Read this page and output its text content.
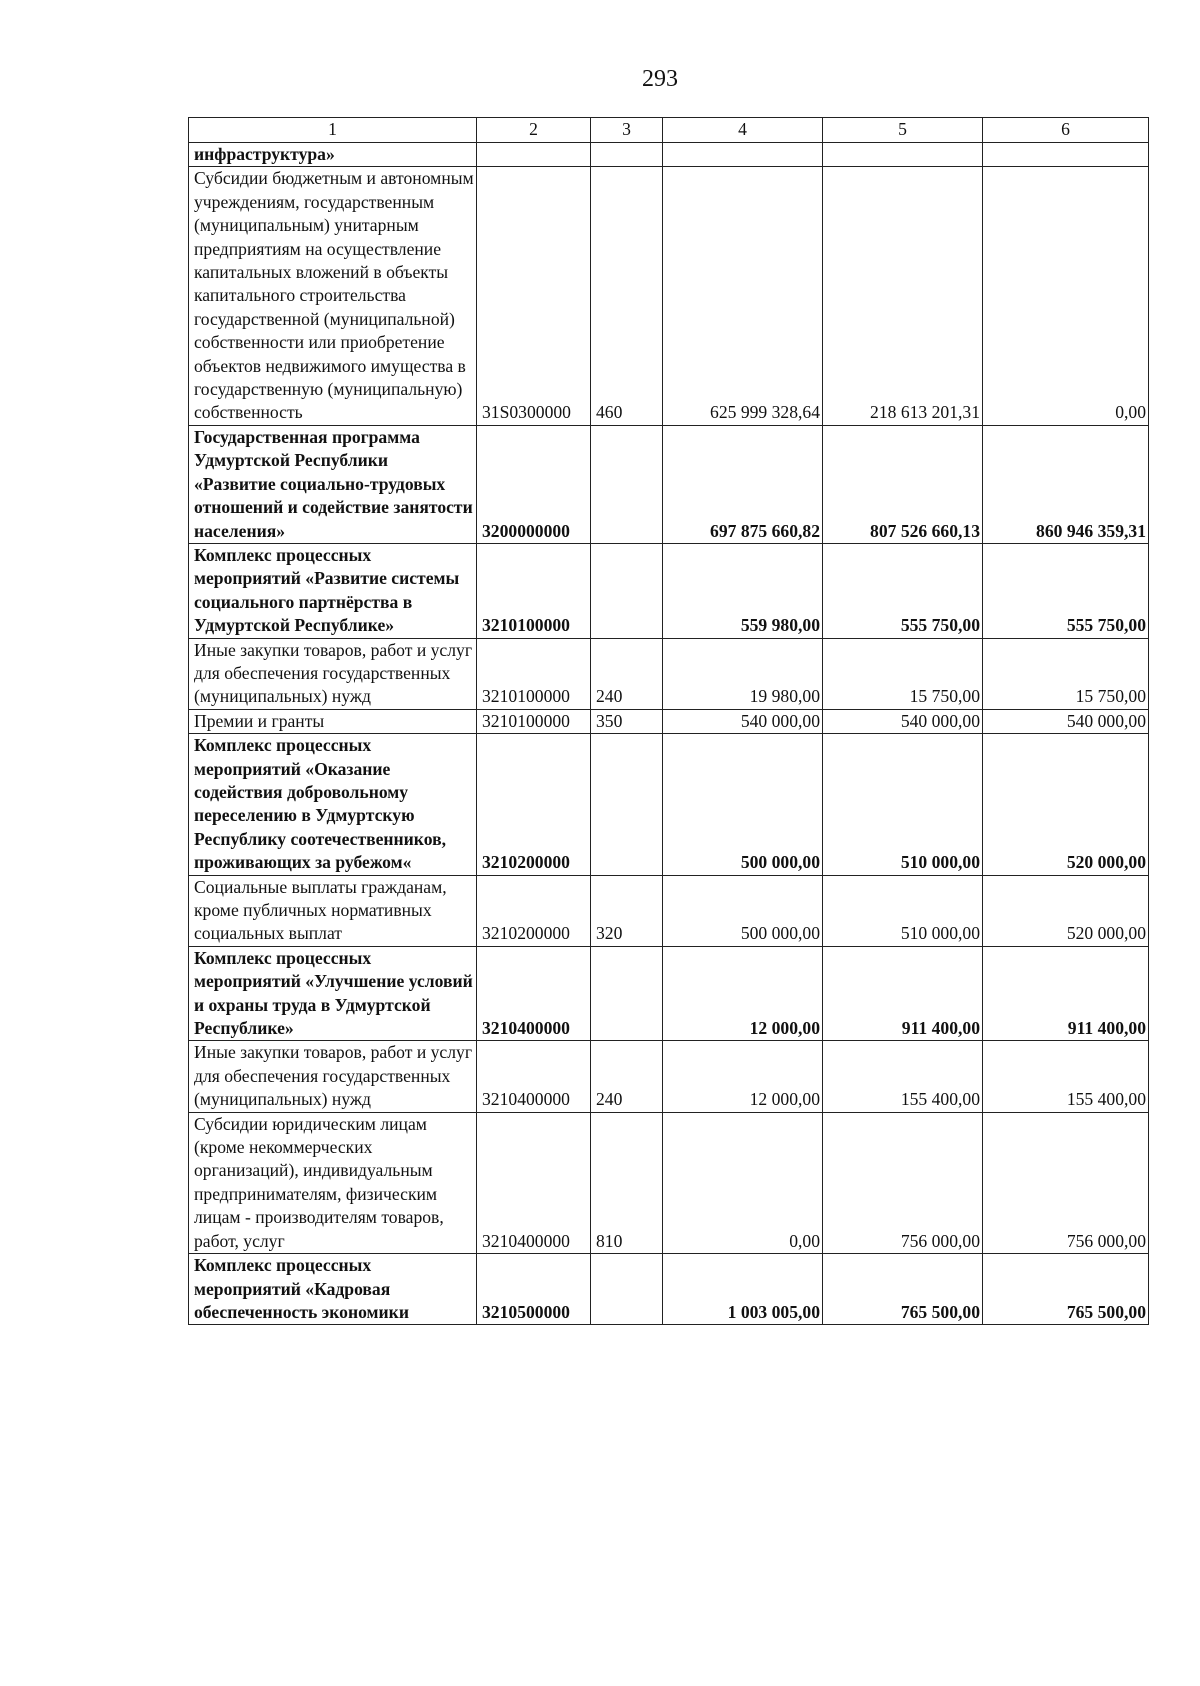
293
1	2	3	4	5	6
инфраструктура»					
Субсидии бюджетным и автономным учреждениям, государственным (муниципальным) унитарным предприятиям на осуществление капитальных вложений в объекты капитального строительства государственной (муниципальной) собственности или приобретение объектов недвижимого имущества в государственную (муниципальную) собственность	31S0300000	460	625 999 328,64	218 613 201,31	0,00
Государственная программа Удмуртской Республики «Развитие социально-трудовых отношений и содействие занятости населения»	3200000000		697 875 660,82	807 526 660,13	860 946 359,31
Комплекс процессных мероприятий «Развитие системы социального партнёрства в Удмуртской Республике»	3210100000		559 980,00	555 750,00	555 750,00
Иные закупки товаров, работ и услуг для обеспечения государственных (муниципальных) нужд	3210100000	240	19 980,00	15 750,00	15 750,00
Премии и гранты	3210100000	350	540 000,00	540 000,00	540 000,00
Комплекс процессных мероприятий «Оказание содействия добровольному переселению в Удмуртскую Республику соотечественников, проживающих за рубежом«	3210200000		500 000,00	510 000,00	520 000,00
Социальные выплаты гражданам, кроме публичных нормативных социальных выплат	3210200000	320	500 000,00	510 000,00	520 000,00
Комплекс процессных мероприятий «Улучшение условий и охраны труда в Удмуртской Республике»	3210400000		12 000,00	911 400,00	911 400,00
Иные закупки товаров, работ и услуг для обеспечения государственных (муниципальных) нужд	3210400000	240	12 000,00	155 400,00	155 400,00
Субсидии юридическим лицам (кроме некоммерческих организаций), индивидуальным предпринимателям, физическим лицам - производителям товаров, работ, услуг	3210400000	810	0,00	756 000,00	756 000,00
Комплекс процессных мероприятий «Кадровая обеспеченность экономики	3210500000		1 003 005,00	765 500,00	765 500,00
